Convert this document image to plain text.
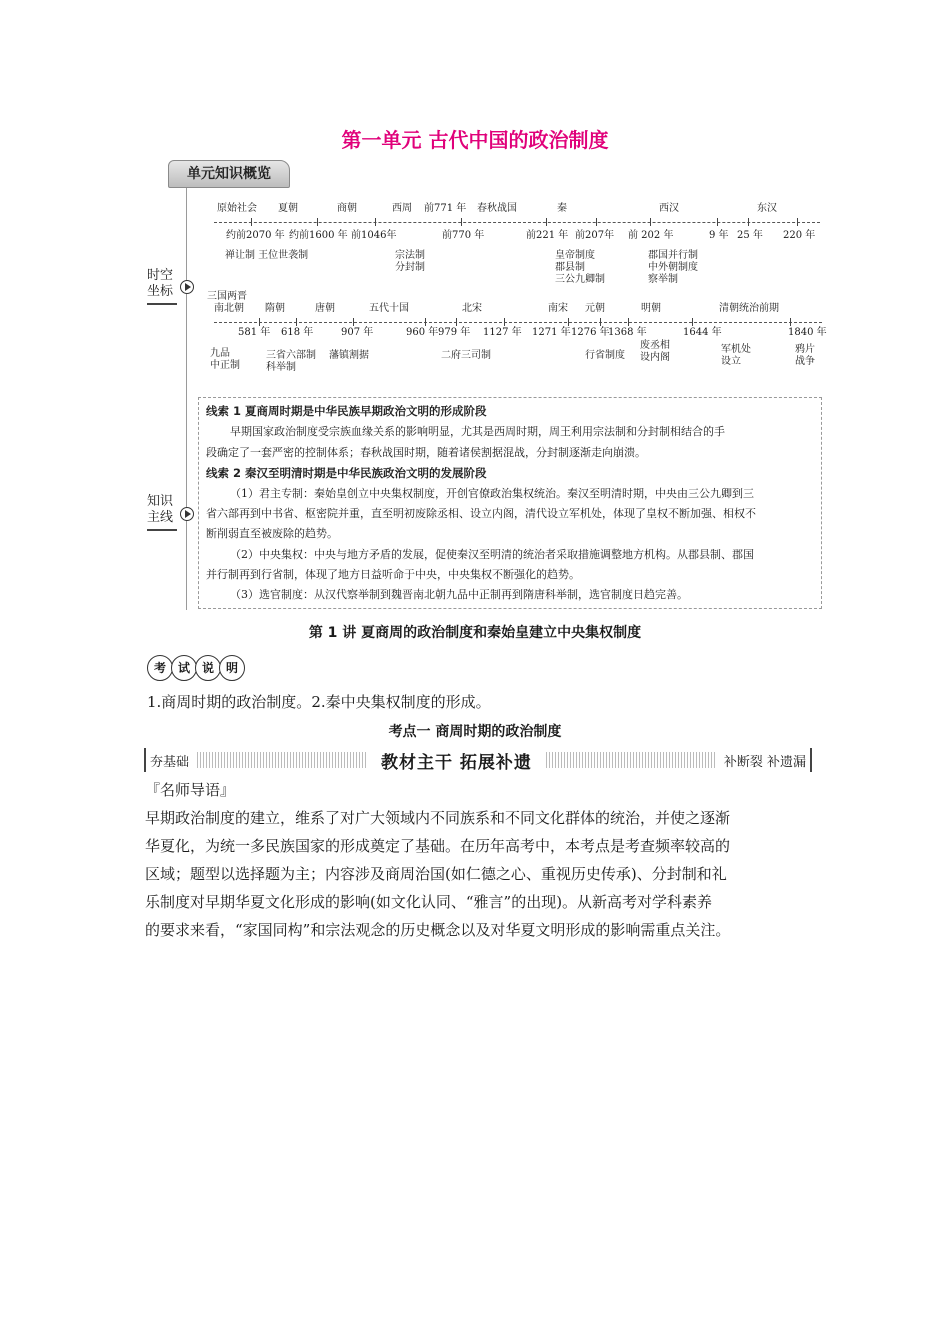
第一单元 古代中国的政治制度
单元知识概览
时空
坐标
知识
主线
原始社会 夏朝	商朝	西周 前771 年 春秋战国	秦	西汉	东汉
约前2070 年 约前1600 年 前1046年	前770 年	前221 年 前207年 前 202 年	9 年 25 年 220 年
禅让制 王位世袭制	宗法制
分封制
皇帝制度
郡县制
三公九卿制
郡国并行制
中外朝制度
察举制
三国两晋
南北朝 隋朝	唐朝	五代十国	北宋	南宋 元朝	明朝	清朝统治前期
581 年 618 年	907 年	960 年 979 年 1127 年 1271 年 1276 年
1368 年	1644 年	1840 年
九品
中正制
三省六部制
科举制
藩镇割据	二府三司制	行省制度
废丞相
设内阁
军机处
设立
鸦片
战争
线索 1 夏商周时期是中华民族早期政治文明的形成阶段
早期国家政治制度受宗族血缘关系的影响明显，尤其是西周时期，周王利用宗法制和分封制相结合的手
段确定了一套严密的控制体系；春秋战国时期，随着诸侯割据混战，分封制逐渐走向崩溃。
线索 2 秦汉至明清时期是中华民族政治文明的发展阶段
（1）君主专制：秦始皇创立中央集权制度，开创官僚政治集权统治。秦汉至明清时期，中央由三公九卿到三
省六部再到中书省、枢密院并重，直至明初废除丞相、设立内阁，清代设立军机处，体现了皇权不断加强、相权不
断削弱直至被废除的趋势。
（2）中央集权：中央与地方矛盾的发展，促使秦汉至明清的统治者采取措施调整地方机构。从郡县制、郡国
并行制再到行省制，体现了地方日益听命于中央，中央集权不断强化的趋势。
（3）选官制度：从汉代察举制到魏晋南北朝九品中正制再到隋唐科举制，选官制度日趋完善。
第 1 讲 夏商周的政治制度和秦始皇建立中央集权制度
考 试 说 明
1.商周时期的政治制度。2.秦中央集权制度的形成。
考点一 商周时期的政治制度
夯基础	教材主干 拓展补遗	补断裂 补遗漏
『名师导语』
早期政治制度的建立，维系了对广大领域内不同族系和不同文化群体的统治，并使之逐渐
华夏化，为统一多民族国家的形成奠定了基础。在历年高考中，本考点是考查频率较高的
区域；题型以选择题为主；内容涉及商周治国(如仁德之心、重视历史传承)、分封制和礼
乐制度对早期华夏文化形成的影响(如文化认同、“雅言”的出现)。从新高考对学科素养
的要求来看，“家国同构”和宗法观念的历史概念以及对华夏文明形成的影响需重点关注。
